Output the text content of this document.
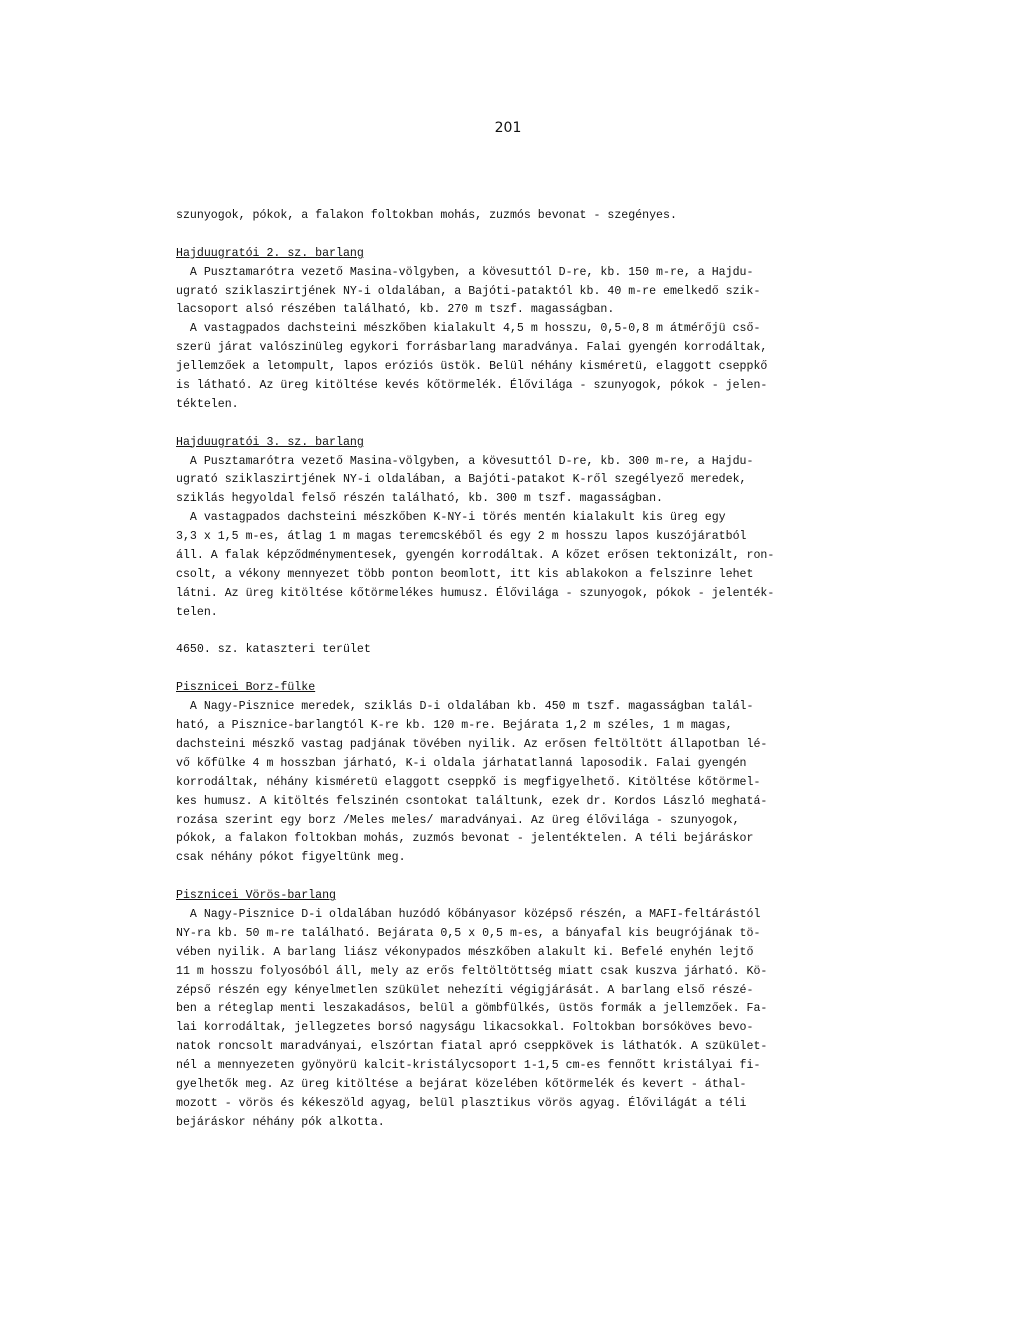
201
szunyogok, pókok, a falakon foltokban mohás, zuzmós bevonat - szegényes.
Hajduugratói 2. sz. barlang
A Pusztamarótra vezető Masina-völgyben, a kövesuttól D-re, kb. 150 m-re, a Hajdu-
ugrató sziklaszirtjének NY-i oldalában, a Bajóti-pataktól kb. 40 m-re emelkedő szik-
lacsoport alsó részében található, kb. 270 m tszf. magasságban.
A vastagpados dachsteini mészkőben kialakult 4,5 m hosszu, 0,5-0,8 m átmérőjü cső-
szerü járat valószinüleg egykori forrásbarlang maradványa. Falai gyengén korrodáltak,
jellemzőek a letompult, lapos eróziós üstök. Belül néhány kisméretü, elaggott cseppkő
is látható. Az üreg kitöltése kevés kőtörmelék. Élővilága - szunyogok, pókok - jelen-
téktelen.
Hajduugratói 3. sz. barlang
A Pusztamarótra vezető Masina-völgyben, a kövesuttól D-re, kb. 300 m-re, a Hajdu-
ugrató sziklaszirtjének NY-i oldalában, a Bajóti-patakot K-ről szegélyező meredek,
sziklás hegyoldal felső részén található, kb. 300 m tszf. magasságban.
A vastagpados dachsteini mészkőben K-NY-i törés mentén kialakult kis üreg egy
3,3 x 1,5 m-es, átlag 1 m magas teremcskéből és egy 2 m hosszu lapos kuszójáratból
áll. A falak képződménymentesek, gyengén korrodáltak. A kőzet erősen tektonizált, ron-
csolt, a vékony mennyezet több ponton beomlott, itt kis ablakokon a felszinre lehet
látni. Az üreg kitöltése kőtörmelékes humusz. Élővilága - szunyogok, pókok - jelenték-
telen.
4650. sz. kataszteri terület
Pisznicei Borz-fülke
A Nagy-Pisznice meredek, sziklás D-i oldalában kb. 450 m tszf. magasságban talál-
ható, a Pisznice-barlangtól K-re kb. 120 m-re. Bejárata 1,2 m széles, 1 m magas,
dachsteini mészkő vastag padjának tövében nyilik. Az erősen feltöltött állapotban lé-
vő kőfülke 4 m hosszban járható, K-i oldala járhatatlanná laposodik. Falai gyengén
korrodáltak, néhány kisméretü elaggott cseppkő is megfigyelhető. Kitöltése kőtörmel-
kes humusz. A kitöltés felszinén csontokat találtunk, ezek dr. Kordos László meghatá-
rozása szerint egy borz /Meles meles/ maradványai. Az üreg élővilága - szunyogok,
pókok, a falakon foltokban mohás, zuzmós bevonat - jelentéktelen. A téli bejáráskor
csak néhány pókot figyeltünk meg.
Pisznicei Vörös-barlang
A Nagy-Pisznice D-i oldalában huzódó kőbányasor középső részén, a MAFI-feltárástól
NY-ra kb. 50 m-re található. Bejárata 0,5 x 0,5 m-es, a bányafal kis beugrójának tö-
vében nyilik. A barlang liász vékonypados mészkőben alakult ki. Befelé enyhén lejtő
11 m hosszu folyosóból áll, mely az erős feltöltöttség miatt csak kuszva járható. Kö-
zépső részén egy kényelmetlen szükület nehezíti végigjárását. A barlang első részé-
ben a réteglap menti leszakadásos, belül a gömbfülkés, üstös formák a jellemzőek. Fa-
lai korrodáltak, jellegzetes borsó nagyságu likacsokkal. Foltokban borsóköves bevo-
natok roncsolt maradványai, elszórtan fiatal apró cseppkövek is láthatók. A szükület-
nél a mennyezeten gyönyörü kalcit-kristálycsoport 1-1,5 cm-es fennőtt kristályai fi-
gyelhetők meg. Az üreg kitöltése a bejárat közelében kőtörmelék és kevert - áthal-
mozott - vörös és kékeszöld agyag, belül plasztikus vörös agyag. Élővilágát a téli
bejáráskor néhány pók alkotta.
